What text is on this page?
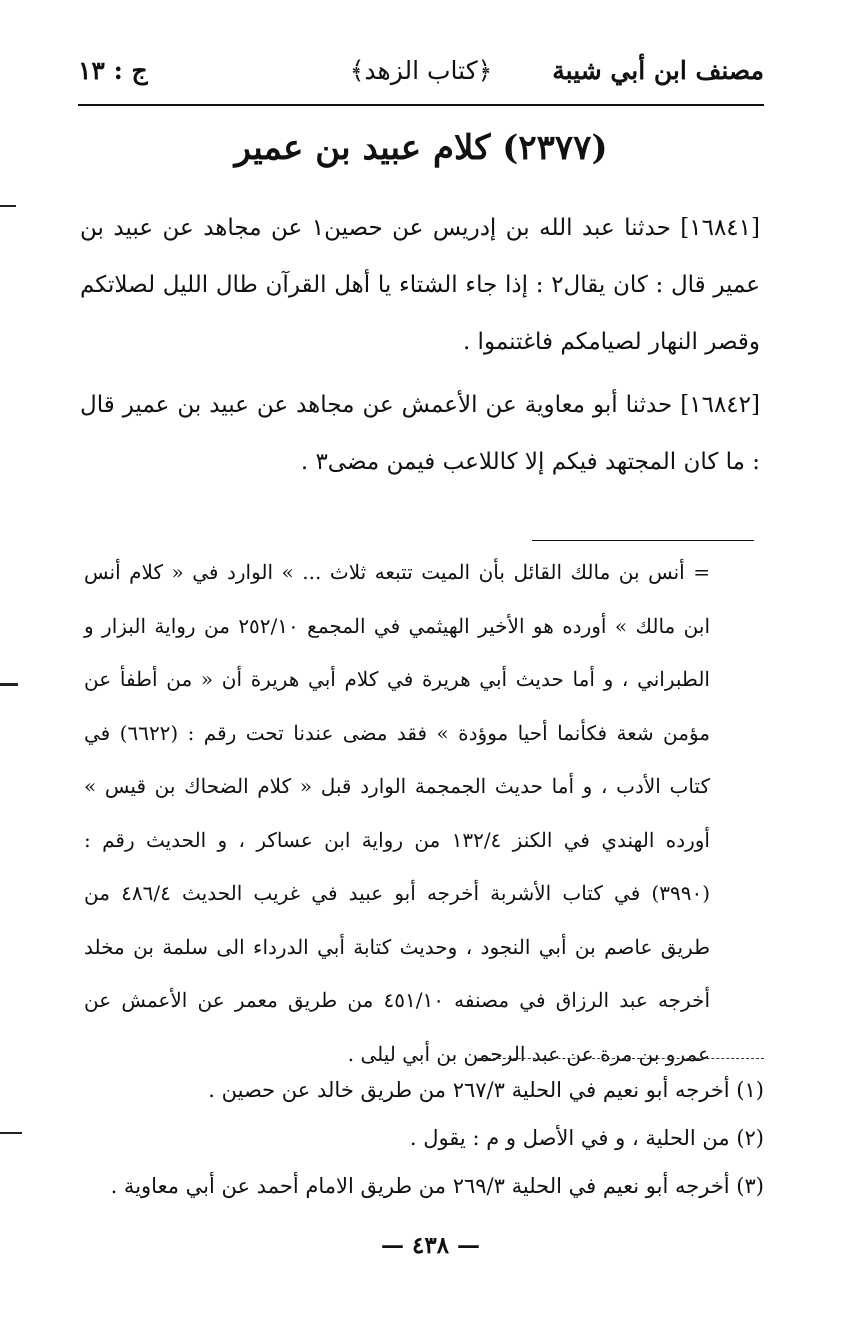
مصنف ابن أبي شيبة
﴿كتاب الزهد﴾
ج : ١٣
(٢٣٧٧) كلام عبيد بن عمير

[١٦٨٤١] حدثنا عبد الله بن إدريس عن حصين١ عن مجاهد عن عبيد بن عمير قال : كان يقال٢ : إذا جاء الشتاء يا أهل القرآن طال الليل لصلاتكم وقصر النهار لصيامكم فاغتنموا .

[١٦٨٤٢] حدثنا أبو معاوية عن الأعمش عن مجاهد عن عبيد بن عمير قال : ما كان المجتهد فيكم إلا كاللاعب فيمن مضى٣ .

= أنس بن مالك القائل بأن الميت تتبعه ثلاث ... » الوارد في « كلام أنس ابن مالك » أورده هو الأخير الهيثمي في المجمع ٢٥٢/١٠ من رواية البزار و الطبراني ، و أما حديث أبي هريرة في كلام أبي هريرة أن « من أطفأ عن مؤمن شعة فكأنما أحيا موؤدة » فقد مضى عندنا تحت رقم : (٦٦٢٢) في كتاب الأدب ، و أما حديث الجمجمة الوارد قبل « كلام الضحاك بن قيس » أورده الهندي في الكنز ١٣٢/٤ من رواية ابن عساكر ، و الحديث رقم : (٣٩٩٠) في كتاب الأشربة أخرجه أبو عبيد في غريب الحديث ٤٨٦/٤ من طريق عاصم بن أبي النجود ، وحديث كتابة أبي الدرداء الى سلمة بن مخلد أخرجه عبد الرزاق في مصنفه ٤٥١/١٠ من طريق معمر عن الأعمش عن عمرو بن مرة عن عبد الرحمن بن أبي ليلى .
(١) أخرجه أبو نعيم في الحلية ٢٦٧/٣ من طريق خالد عن حصين .
(٢) من الحلية ، و في الأصل و م : يقول .
(٣) أخرجه أبو نعيم في الحلية ٢٦٩/٣ من طريق الامام أحمد عن أبي معاوية .
— ٤٣٨ —
